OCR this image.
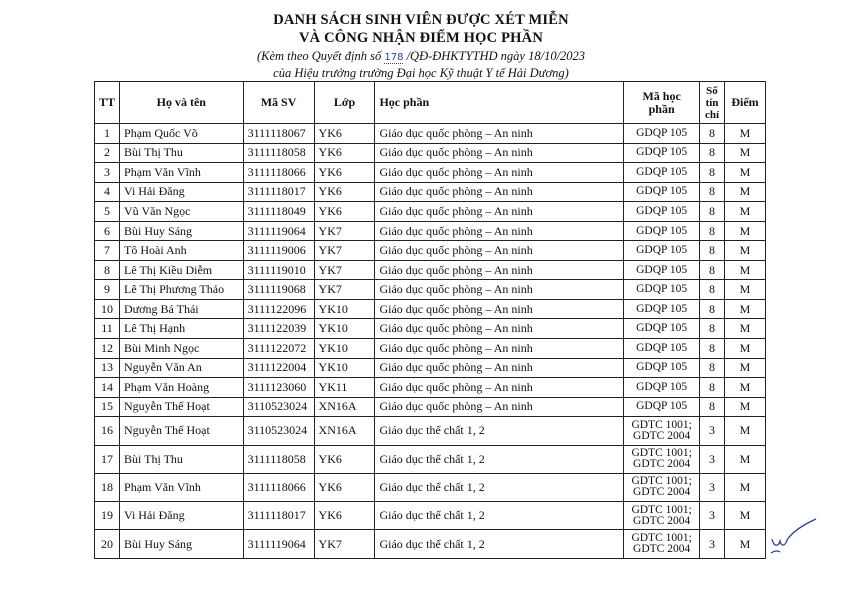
DANH SÁCH SINH VIÊN ĐƯỢC XÉT MIỄN
VÀ CÔNG NHẬN ĐIỂM HỌC PHẦN
(Kèm theo Quyết định số 178 /QĐ-ĐHKTYTHD ngày 18/10/2023
của Hiệu trưởng trường Đại học Kỹ thuật Y tế Hải Dương)
TT	Họ và tên	Mã SV	Lớp	Học phần	Mã học phần	Số tín chỉ	Điểm
1	Phạm Quốc Võ	3111118067	YK6	Giáo dục quốc phòng – An ninh	GDQP 105	8	M
2	Bùi Thị Thu	3111118058	YK6	Giáo dục quốc phòng – An ninh	GDQP 105	8	M
3	Phạm Văn Vĩnh	3111118066	YK6	Giáo dục quốc phòng – An ninh	GDQP 105	8	M
4	Vi Hải Đăng	3111118017	YK6	Giáo dục quốc phòng – An ninh	GDQP 105	8	M
5	Vũ Văn Ngọc	3111118049	YK6	Giáo dục quốc phòng – An ninh	GDQP 105	8	M
6	Bùi Huy Sáng	3111119064	YK7	Giáo dục quốc phòng – An ninh	GDQP 105	8	M
7	Tô Hoài Anh	3111119006	YK7	Giáo dục quốc phòng – An ninh	GDQP 105	8	M
8	Lê Thị Kiều Diễm	3111119010	YK7	Giáo dục quốc phòng – An ninh	GDQP 105	8	M
9	Lê Thị Phương Thảo	3111119068	YK7	Giáo dục quốc phòng – An ninh	GDQP 105	8	M
10	Dương Bá Thái	3111122096	YK10	Giáo dục quốc phòng – An ninh	GDQP 105	8	M
11	Lê Thị Hạnh	3111122039	YK10	Giáo dục quốc phòng – An ninh	GDQP 105	8	M
12	Bùi Minh Ngọc	3111122072	YK10	Giáo dục quốc phòng – An ninh	GDQP 105	8	M
13	Nguyễn Văn An	3111122004	YK10	Giáo dục quốc phòng – An ninh	GDQP 105	8	M
14	Phạm Văn Hoàng	3111123060	YK11	Giáo dục quốc phòng – An ninh	GDQP 105	8	M
15	Nguyễn Thế Hoạt	3110523024	XN16A	Giáo dục quốc phòng – An ninh	GDQP 105	8	M
16	Nguyễn Thế Hoạt	3110523024	XN16A	Giáo dục thể chất 1, 2	GDTC 1001;
GDTC 2004	3	M
17	Bùi Thị Thu	3111118058	YK6	Giáo dục thể chất 1, 2	GDTC 1001;
GDTC 2004	3	M
18	Phạm Văn Vĩnh	3111118066	YK6	Giáo dục thể chất 1, 2	GDTC 1001;
GDTC 2004	3	M
19	Vi Hải Đăng	3111118017	YK6	Giáo dục thể chất 1, 2	GDTC 1001;
GDTC 2004	3	M
20	Bùi Huy Sáng	3111119064	YK7	Giáo dục thể chất 1, 2	GDTC 1001;
GDTC 2004	3	M
